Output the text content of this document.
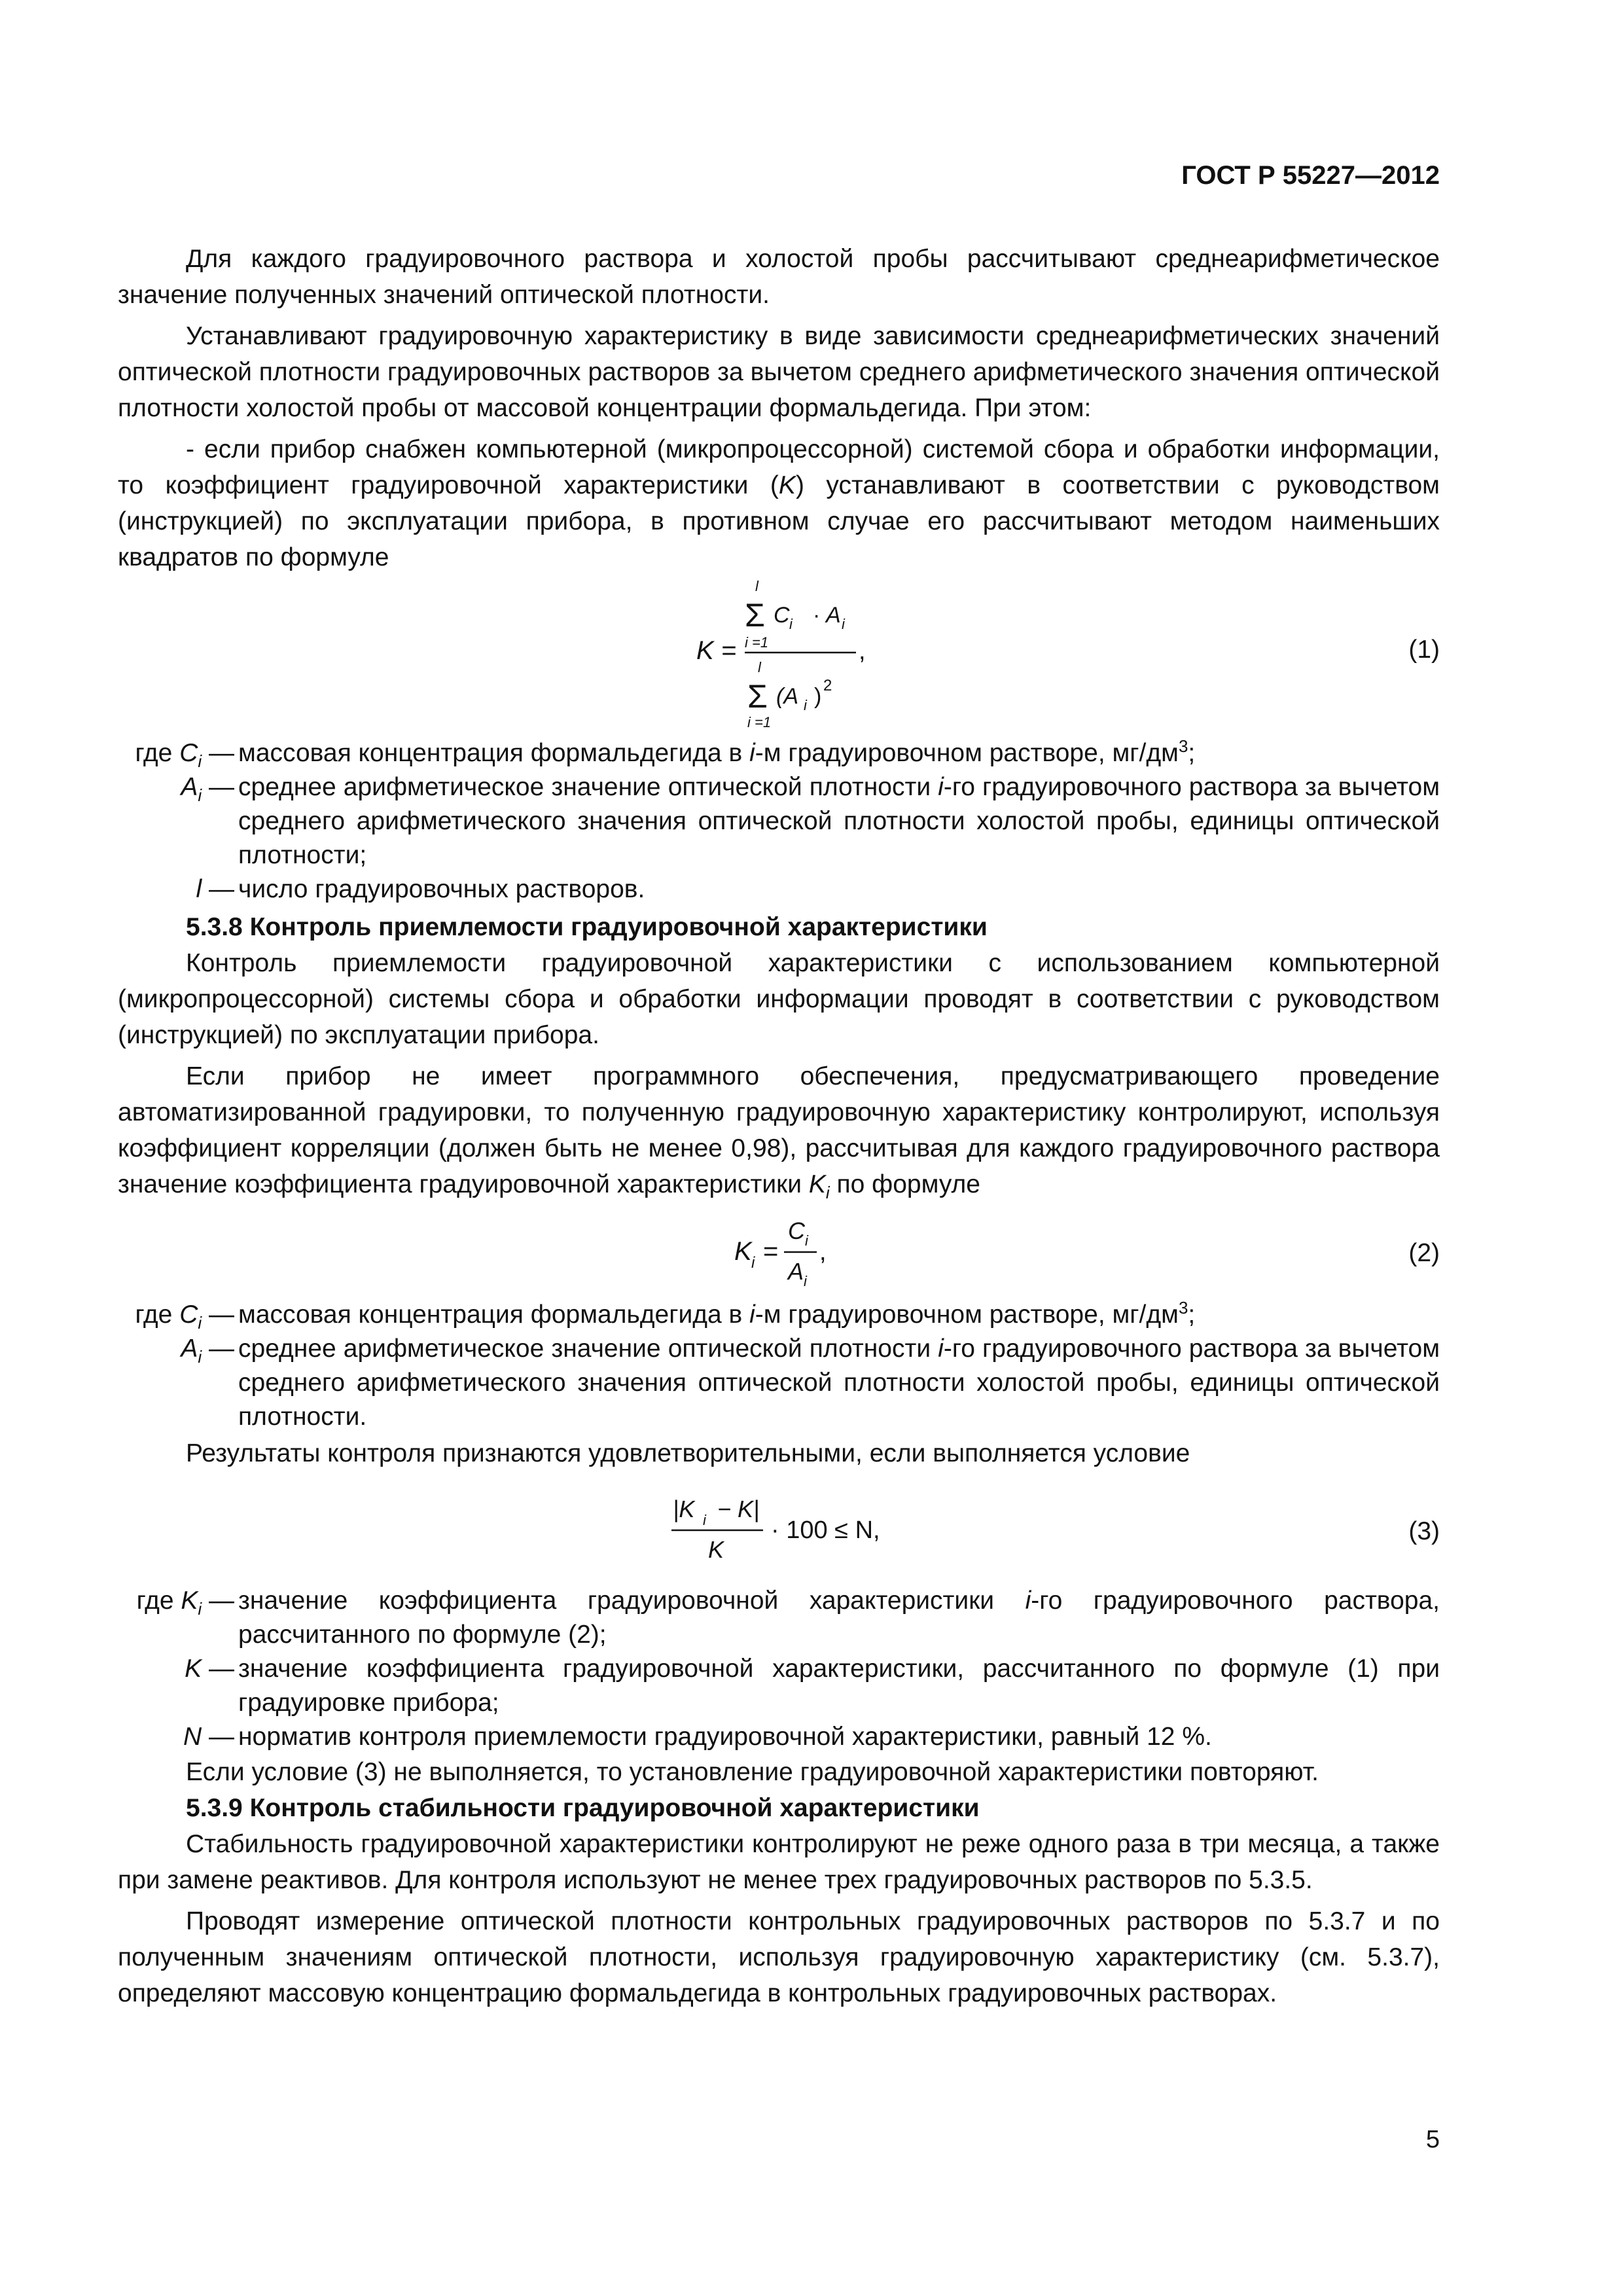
ГОСТ Р 55227—2012

Для каждого градуировочного раствора и холостой пробы рассчитывают среднеарифметическое значение полученных значений оптической плотности.

Устанавливают градуировочную характеристику в виде зависимости среднеарифметических значений оптической плотности градуировочных растворов за вычетом среднего арифметического значения оптической плотности холостой пробы от массовой концентрации формальдегида. При этом:

- если прибор снабжен компьютерной (микропроцессорной) системой сбора и обработки информации, то коэффициент градуировочной характеристики (K) устанавливают в соответствии с руководством (инструкцией) по эксплуатации прибора, в противном случае его рассчитывают методом наименьших квадратов по формуле

K =
l
Σ
i =1
C i · A i
l
Σ
i =1
(A i ) 2
,	(1)
где $C_i$ — массовая концентрация формальдегида в i-м градуировочном растворе, $мг/дм^3$;
$A_i$ — среднее арифметическое значение оптической плотности i-го градуировочного раствора за вычетом среднего арифметического значения оптической плотности холостой пробы, единицы оптической плотности;
l — число градуировочных растворов.
5.3.8 Контроль приемлемости градуировочной характеристики

Контроль приемлемости градуировочной характеристики с использованием компьютерной (микропроцессорной) системы сбора и обработки информации проводят в соответствии с руководством (инструкцией) по эксплуатации прибора.

Если прибор не имеет программного обеспечения, предусматривающего проведение автоматизированной градуировки, то полученную градуировочную характеристику контролируют, используя коэффициент корреляции (должен быть не менее 0,98), рассчитывая для каждого градуировочного раствора значение коэффициента градуировочной характеристики $K_i$ по формуле

K i =
C i
A i
,	(2)
где $C_i$ — массовая концентрация формальдегида в i-м градуировочном растворе, $мг/дм^3$;
$A_i$ — среднее арифметическое значение оптической плотности i-го градуировочного раствора за вычетом среднего арифметического значения оптической плотности холостой пробы, единицы оптической плотности.

Результаты контроля признаются удовлетворительными, если выполняется условие

|K i − K|
K
· 100 ≤ N,	(3)
где $K_i$ — значение коэффициента градуировочной характеристики i-го градуировочного раствора, рассчитанного по формуле (2);
K — значение коэффициента градуировочной характеристики, рассчитанного по формуле (1) при градуировке прибора;
N — норматив контроля приемлемости градуировочной характеристики, равный 12 %.

Если условие (3) не выполняется, то установление градуировочной характеристики повторяют.

5.3.9 Контроль стабильности градуировочной характеристики

Стабильность градуировочной характеристики контролируют не реже одного раза в три месяца, а также при замене реактивов. Для контроля используют не менее трех градуировочных растворов по 5.3.5.

Проводят измерение оптической плотности контрольных градуировочных растворов по 5.3.7 и по полученным значениям оптической плотности, используя градуировочную характеристику (см. 5.3.7), определяют массовую концентрацию формальдегида в контрольных градуировочных растворах.

5
